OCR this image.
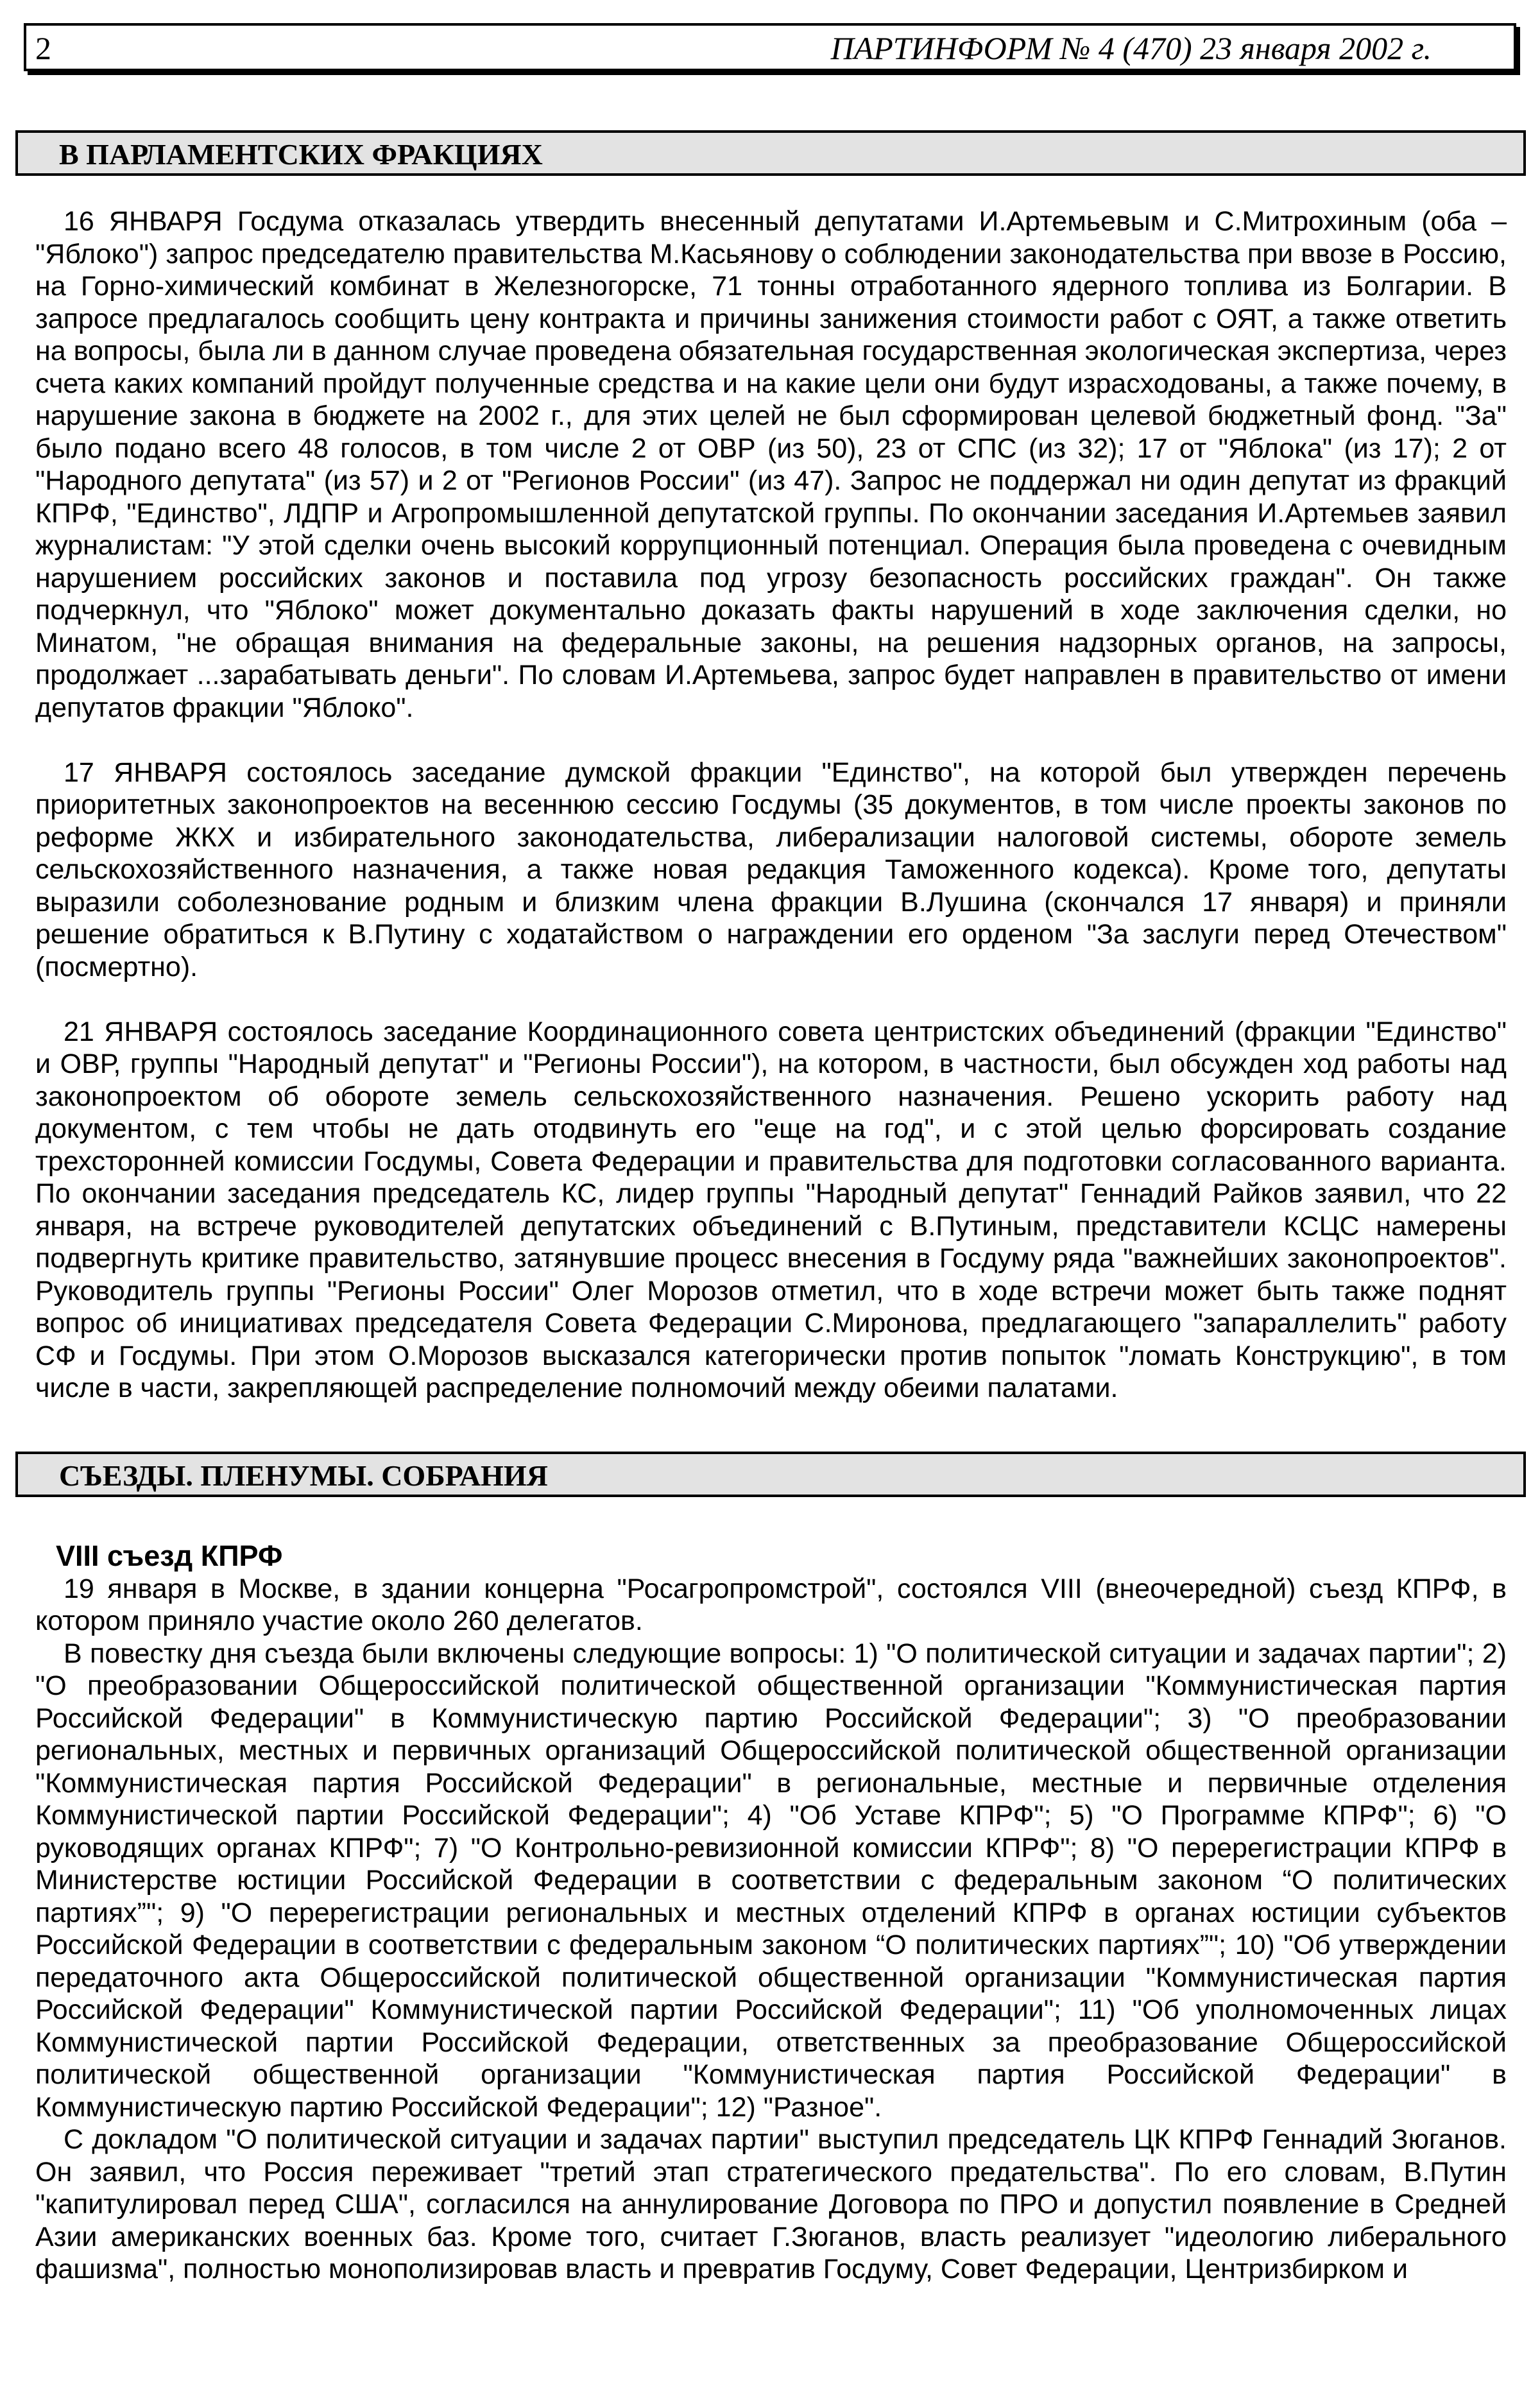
2	ПАРТИНФОРМ № 4 (470) 23 января 2002 г.
В ПАРЛАМЕНТСКИХ ФРАКЦИЯХ

16 ЯНВАРЯ Госдума отказалась утвердить внесенный депутатами И.Артемьевым и С.Митрохиным (оба – "Яблоко") запрос председателю правительства М.Касьянову о соблюдении законодательства при ввозе в Россию, на Горно-химический комбинат в Железногорске, 71 тонны отработанного ядерного топлива из Болгарии. В запросе предлагалось сообщить цену контракта и причины занижения стоимости работ с ОЯТ, а также ответить на вопросы, была ли в данном случае проведена обязательная государственная экологическая экспертиза, через счета каких компаний пройдут полученные средства и на какие цели они будут израсходованы, а также почему, в нарушение закона в бюджете на 2002 г., для этих целей не был сформирован целевой бюджетный фонд. "За" было подано всего 48 голосов, в том числе 2 от ОВР (из 50), 23 от СПС (из 32); 17 от "Яблока" (из 17); 2 от "Народного депутата" (из 57) и 2 от "Регионов России" (из 47). Запрос не поддержал ни один депутат из фракций КПРФ, "Единство", ЛДПР и Агропромышленной депутатской группы. По окончании заседания И.Артемьев заявил журналистам: "У этой сделки очень высокий коррупционный потенциал. Операция была проведена с очевидным нарушением российских законов и поставила под угрозу безопасность российских граждан". Он также подчеркнул, что "Яблоко" может документально доказать факты нарушений в ходе заключения сделки, но Минатом, "не обращая внимания на федеральные законы, на решения надзорных органов, на запросы, продолжает ...зарабатывать деньги". По словам И.Артемьева, запрос будет направлен в правительство от имени депутатов фракции "Яблоко".

17 ЯНВАРЯ состоялось заседание думской фракции "Единство", на которой был утвержден перечень приоритетных законопроектов на весеннюю сессию Госдумы (35 документов, в том числе проекты законов по реформе ЖКХ и избирательного законодательства, либерализации налоговой системы, обороте земель сельскохозяйственного назначения, а также новая редакция Таможенного кодекса). Кроме того, депутаты выразили соболезнование родным и близким члена фракции В.Лушина (скончался 17 января) и приняли решение обратиться к В.Путину с ходатайством о награждении его орденом "За заслуги перед Отечеством" (посмертно).

21 ЯНВАРЯ состоялось заседание Координационного совета центристских объединений (фракции "Единство" и ОВР, группы "Народный депутат" и "Регионы России"), на котором, в частности, был обсужден ход работы над законопроектом об обороте земель сельскохозяйственного назначения. Решено ускорить работу над документом, с тем чтобы не дать отодвинуть его "еще на год", и с этой целью форсировать создание трехсторонней комиссии Госдумы, Совета Федерации и правительства для подготовки согласованного варианта. По окончании заседания председатель КС, лидер группы "Народный депутат" Геннадий Райков заявил, что 22 января, на встрече руководителей депутатских объединений с В.Путиным, представители КСЦС намерены подвергнуть критике правительство, затянувшие процесс внесения в Госдуму ряда "важнейших законопроектов". Руководитель группы "Регионы России" Олег Морозов отметил, что в ходе встречи может быть также поднят вопрос об инициативах председателя Совета Федерации С.Миронова, предлагающего "запараллелить" работу СФ и Госдумы. При этом О.Морозов высказался категорически против попыток "ломать Конструкцию", в том числе в части, закрепляющей распределение полномочий между обеими палатами.

СЪЕЗДЫ. ПЛЕНУМЫ. СОБРАНИЯ

VIII съезд КПРФ

19 января в Москве, в здании концерна "Росагропромстрой", состоялся VIII (внеочередной) съезд КПРФ, в котором приняло участие около 260 делегатов.

В повестку дня съезда были включены следующие вопросы: 1) "О политической ситуации и задачах партии"; 2) "О преобразовании Общероссийской политической общественной организации "Коммунистическая партия Российской Федерации" в Коммунистическую партию Российской Федерации"; 3) "О преобразовании региональных, местных и первичных организаций Общероссийской политической общественной организации "Коммунистическая партия Российской Федерации" в региональные, местные и первичные отделения Коммунистической партии Российской Федерации"; 4) "Об Уставе КПРФ"; 5) "О Программе КПРФ"; 6) "О руководящих органах КПРФ"; 7) "О Контрольно-ревизионной комиссии КПРФ"; 8) "О перерегистрации КПРФ в Министерстве юстиции Российской Федерации в соответствии с федеральным законом “О политических партиях”"; 9) "О перерегистрации региональных и местных отделений КПРФ в органах юстиции субъектов Российской Федерации в соответствии с федеральным законом “О политических партиях”"; 10) "Об утверждении передаточного акта Общероссийской политической общественной организации "Коммунистическая партия Российской Федерации" Коммунистической партии Российской Федерации"; 11) "Об уполномоченных лицах Коммунистической партии Российской Федерации, ответственных за преобразование Общероссийской политической общественной организации "Коммунистическая партия Российской Федерации" в Коммунистическую партию Российской Федерации"; 12) "Разное".

С докладом "О политической ситуации и задачах партии" выступил председатель ЦК КПРФ Геннадий Зюганов. Он заявил, что Россия переживает "третий этап стратегического предательства". По его словам, В.Путин "капитулировал перед США", согласился на аннулирование Договора по ПРО и допустил появление в Средней Азии американских военных баз. Кроме того, считает Г.Зюганов, власть реализует "идеологию либерального фашизма", полностью монополизировав власть и превратив Госдуму, Совет Федерации, Центризбирком и
